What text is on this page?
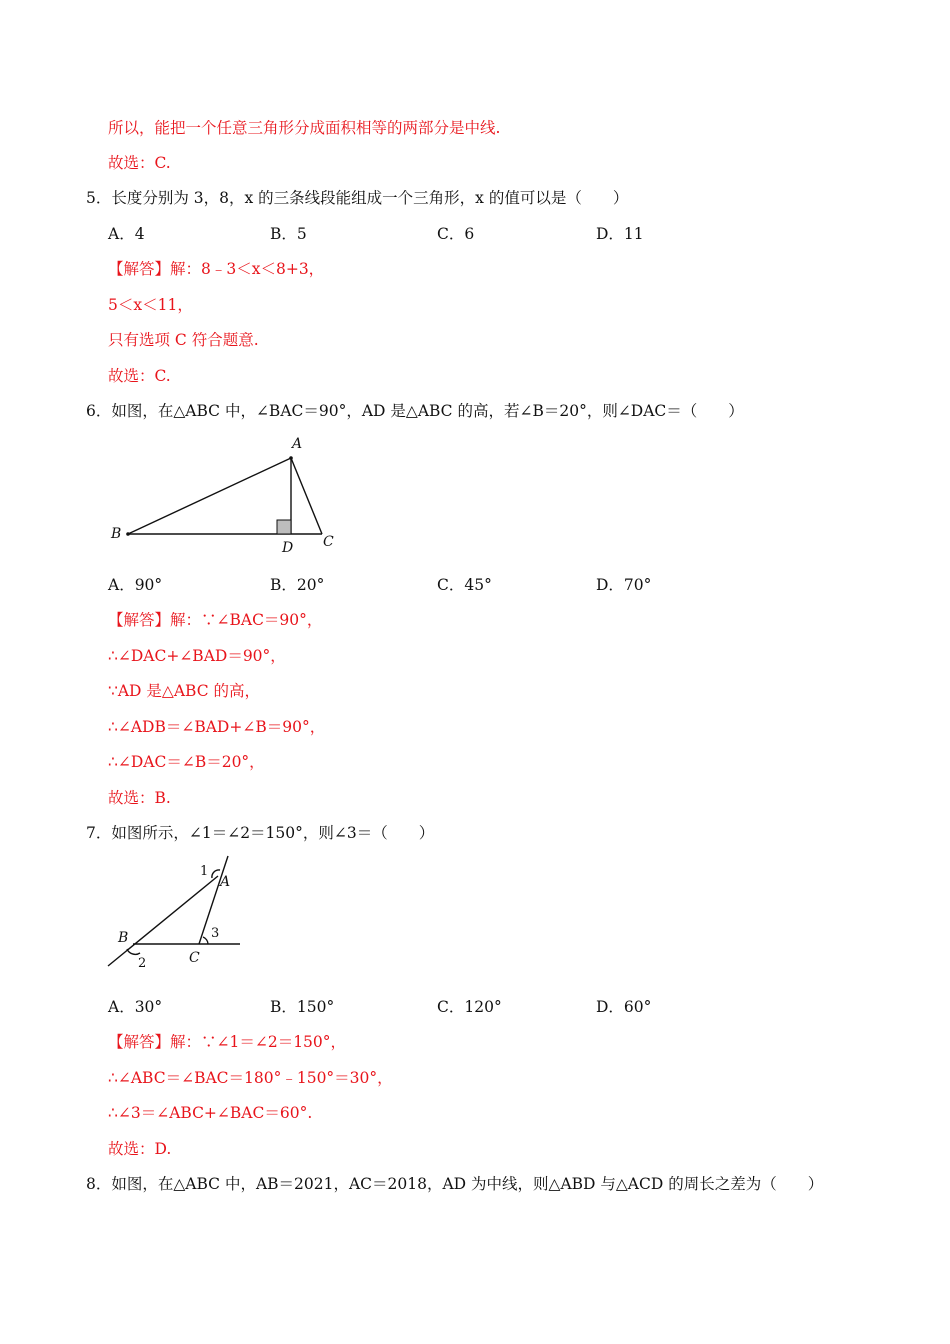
所以，能把一个任意三角形分成面积相等的两部分是中线.
故选：C.
5．长度分别为 3，8，x 的三条线段能组成一个三角形，x 的值可以是（　　）
A．4	B．5	C．6	D．11
【解答】解：8﹣3＜x＜8+3，
5＜x＜11，
只有选项 C 符合题意.
故选：C.
6．如图，在△ABC 中，∠BAC＝90°，AD 是△ABC 的高，若∠B＝20°，则∠DAC＝（　　）
A
B	C
D
A．90°	B．20°	C．45°	D．70°
【解答】解：∵∠BAC＝90°，
∴∠DAC+∠BAD＝90°，
∵AD 是△ABC 的高，
∴∠ADB＝∠BAD+∠B＝90°，
∴∠DAC＝∠B＝20°，
故选：B.
7．如图所示，∠1＝∠2＝150°，则∠3＝（　　）
A
B
C
1
2
3
A．30°	B．150°	C．120°	D．60°
【解答】解：∵∠1＝∠2＝150°，
∴∠ABC＝∠BAC＝180°﹣150°＝30°，
∴∠3＝∠ABC+∠BAC＝60°.
故选：D.
8．如图，在△ABC 中，AB＝2021，AC＝2018，AD 为中线，则△ABD 与△ACD 的周长之差为（　　）
